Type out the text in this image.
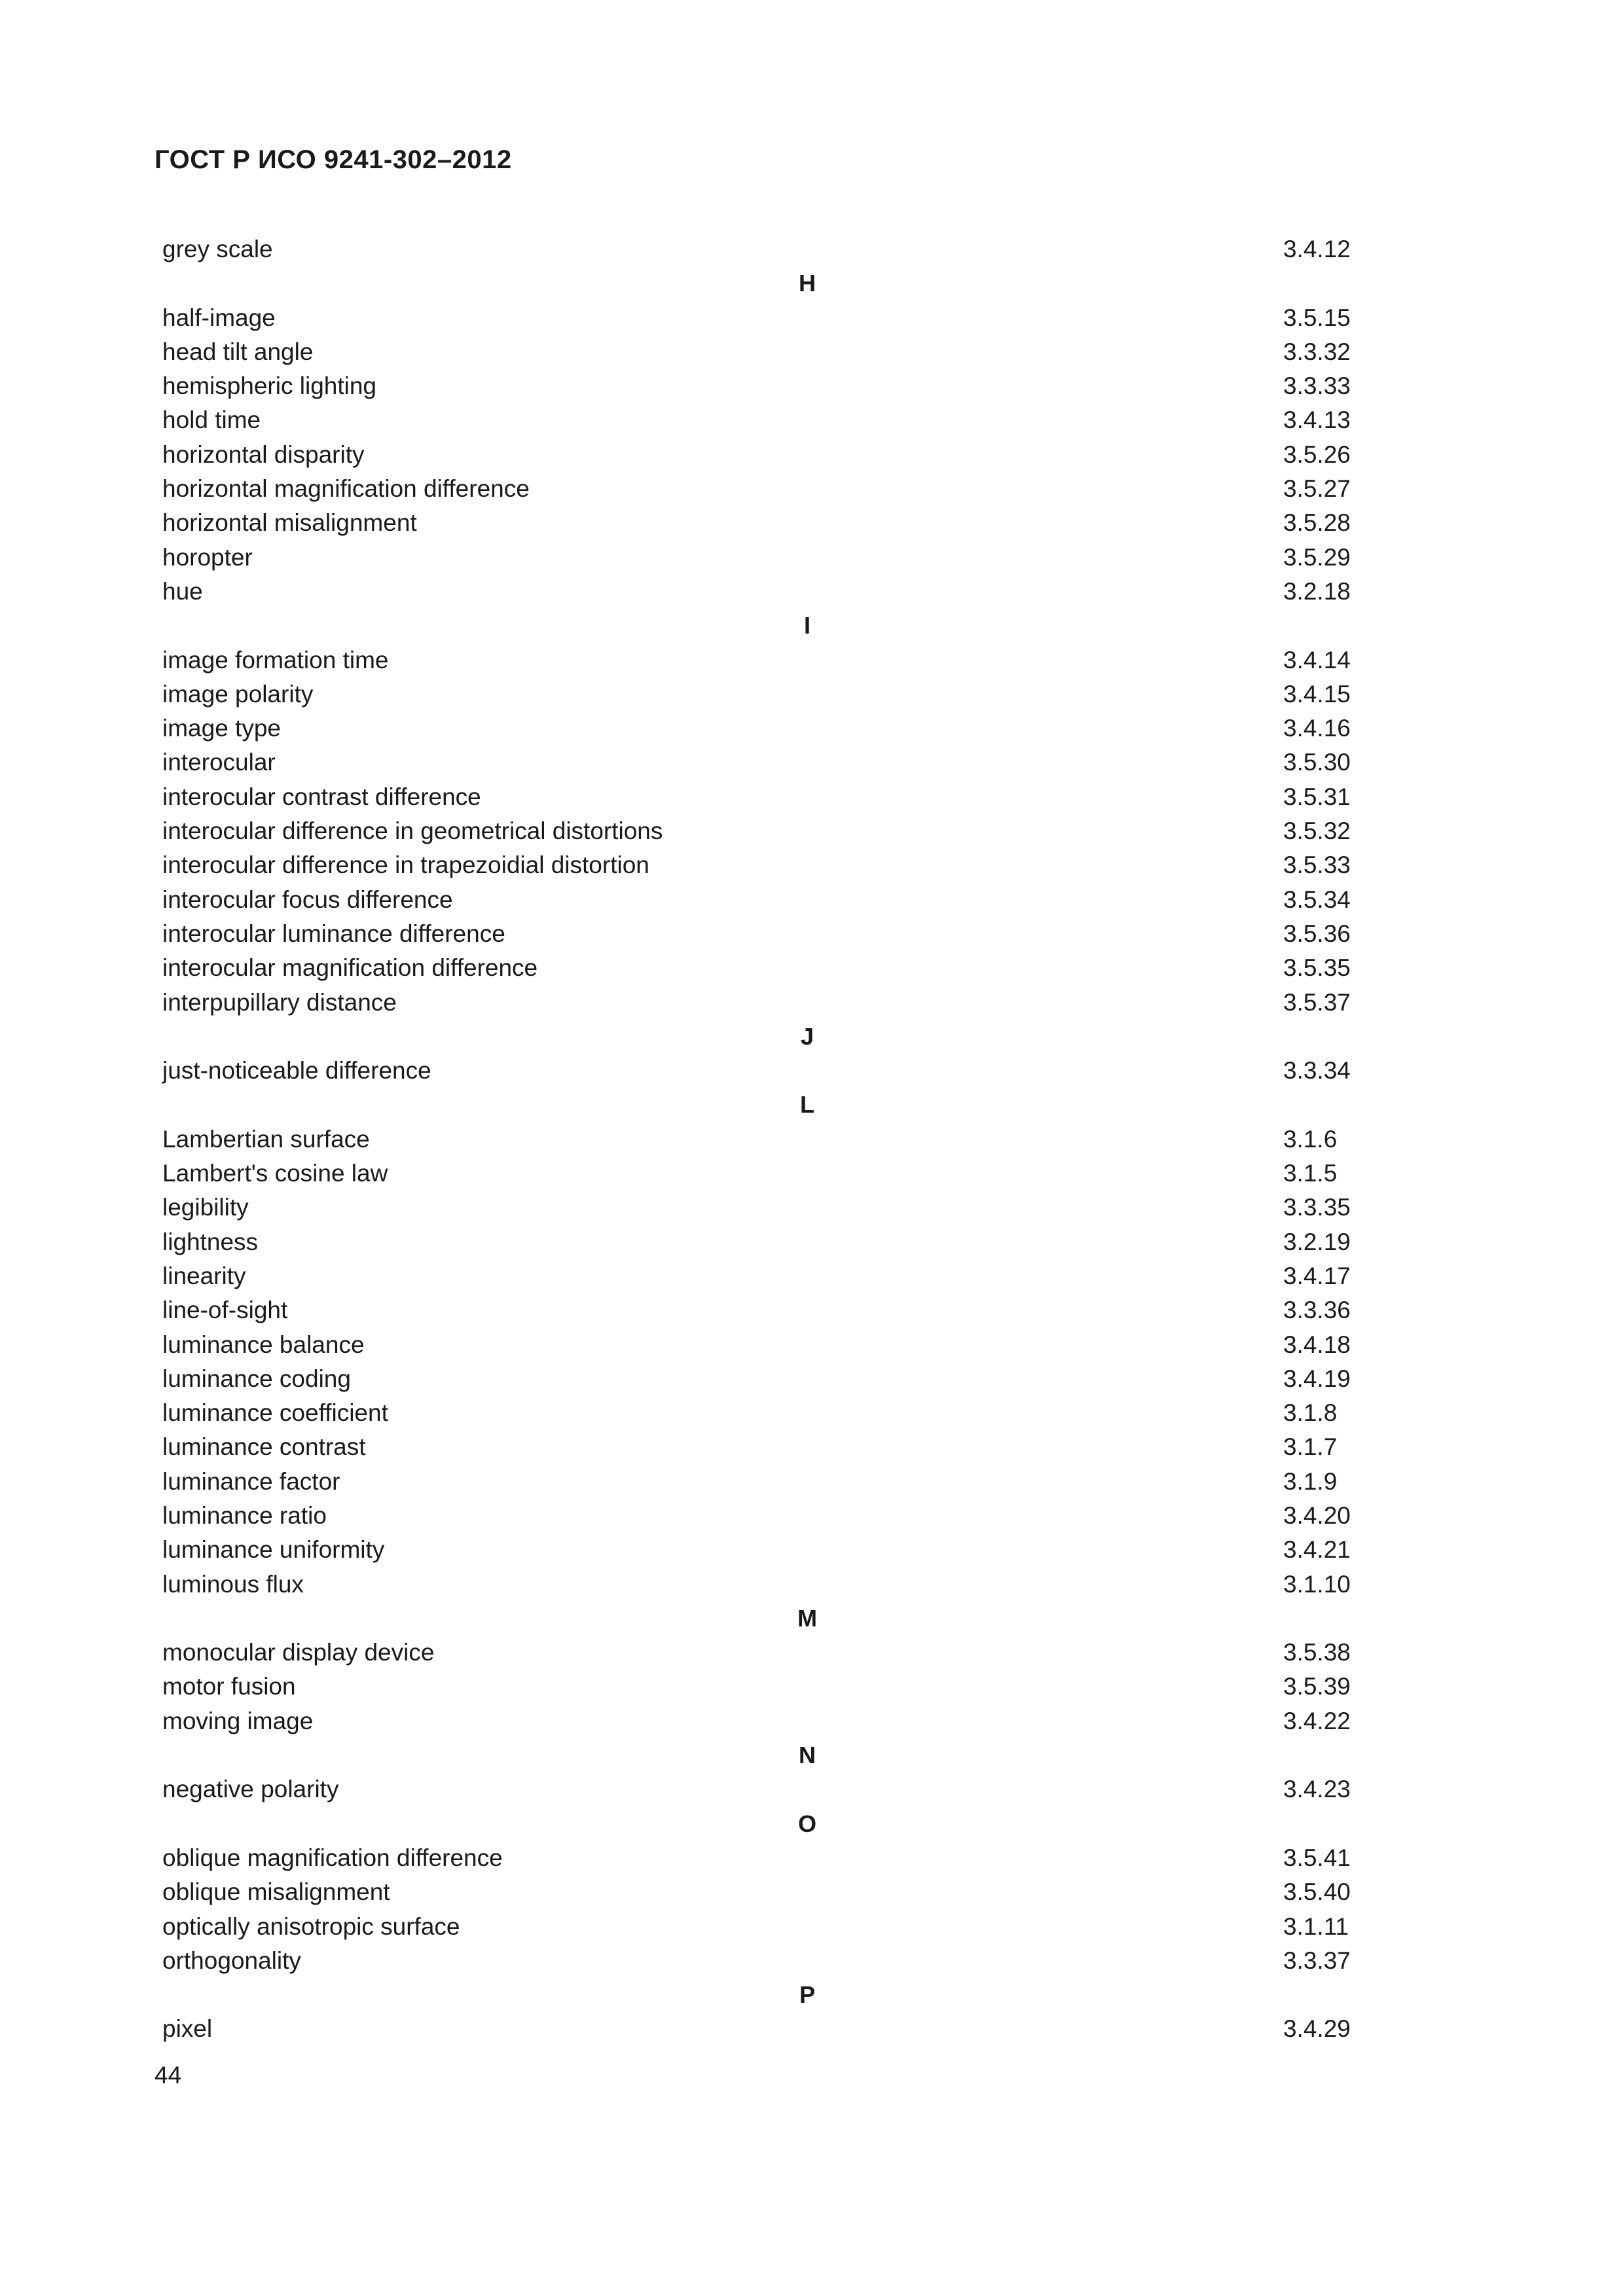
ГОСТ Р ИСО 9241-302–2012
grey scale	3.4.12
H
half-image	3.5.15
head tilt angle	3.3.32
hemispheric lighting	3.3.33
hold time	3.4.13
horizontal disparity	3.5.26
horizontal magnification difference	3.5.27
horizontal misalignment	3.5.28
horopter	3.5.29
hue	3.2.18
I
image formation time	3.4.14
image polarity	3.4.15
image type	3.4.16
interocular	3.5.30
interocular contrast difference	3.5.31
interocular difference in geometrical distortions	3.5.32
interocular difference in trapezoidial distortion	3.5.33
interocular focus difference	3.5.34
interocular luminance difference	3.5.36
interocular magnification difference	3.5.35
interpupillary distance	3.5.37
J
just-noticeable difference	3.3.34
L
Lambertian surface	3.1.6
Lambert's cosine law	3.1.5
legibility	3.3.35
lightness	3.2.19
linearity	3.4.17
line-of-sight	3.3.36
luminance balance	3.4.18
luminance coding	3.4.19
luminance coefficient	3.1.8
luminance contrast	3.1.7
luminance factor	3.1.9
luminance ratio	3.4.20
luminance uniformity	3.4.21
luminous flux	3.1.10
M
monocular display device	3.5.38
motor fusion	3.5.39
moving image	3.4.22
N
negative polarity	3.4.23
O
oblique magnification difference	3.5.41
oblique misalignment	3.5.40
optically anisotropic surface	3.1.11
orthogonality	3.3.37
P
pixel	3.4.29
44
